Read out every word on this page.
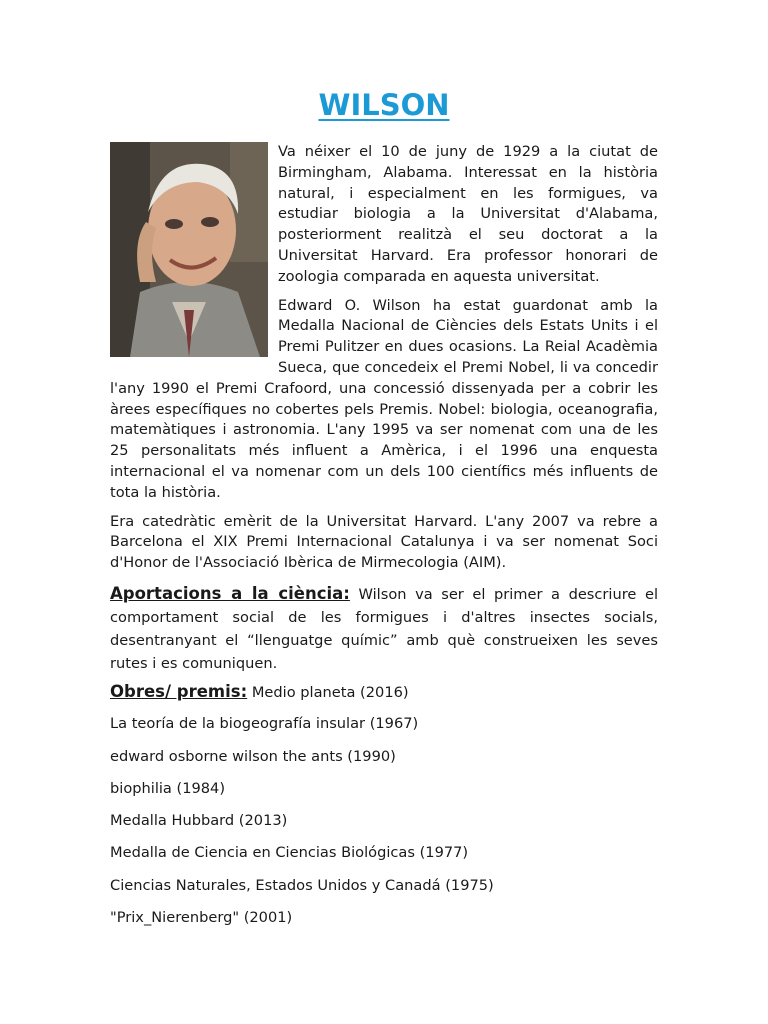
WILSON

Va néixer el 10 de juny de 1929 a la ciutat de Birmingham, Alabama. Interessat en la història natural, i especialment en les formigues, va estudiar biologia a la Universitat d'Alabama, posteriorment realitzà el seu doctorat a la Universitat Harvard. Era professor honorari de zoologia comparada en aquesta universitat.

Edward O. Wilson ha estat guardonat amb la Medalla Nacional de Ciències dels Estats Units i el Premi Pulitzer en dues ocasions. La Reial Acadèmia Sueca, que concedeix el Premi Nobel, li va concedir l'any 1990 el Premi Crafoord, una concessió dissenyada per a cobrir les àrees específiques no cobertes pels Premis. Nobel: biologia, oceanografia, matemàtiques i astronomia. L'any 1995 va ser nomenat com una de les 25 personalitats més influent a Amèrica, i el 1996 una enquesta internacional el va nomenar com un dels 100 científics més influents de tota la història.

Era catedràtic emèrit de la Universitat Harvard. L'any 2007 va rebre a Barcelona el XIX Premi Internacional Catalunya i va ser nomenat Soci d'Honor de l'Associació Ibèrica de Mirmecologia (AIM).

Aportacions a la ciència: Wilson va ser el primer a descriure el comportament social de les formigues i d'altres insectes socials, desentranyant el “llenguatge químic” amb què construeixen les seves rutes i es comuniquen.

Obres/ premis: Medio planeta (2016)
La teoría de la biogeografía insular (1967)
edward osborne wilson the ants (1990)
biophilia (1984)
Medalla Hubbard (2013)
Medalla de Ciencia en Ciencias Biológicas (1977)
Ciencias Naturales, Estados Unidos y Canadá (1975)
"Prix_Nierenberg" (2001)
